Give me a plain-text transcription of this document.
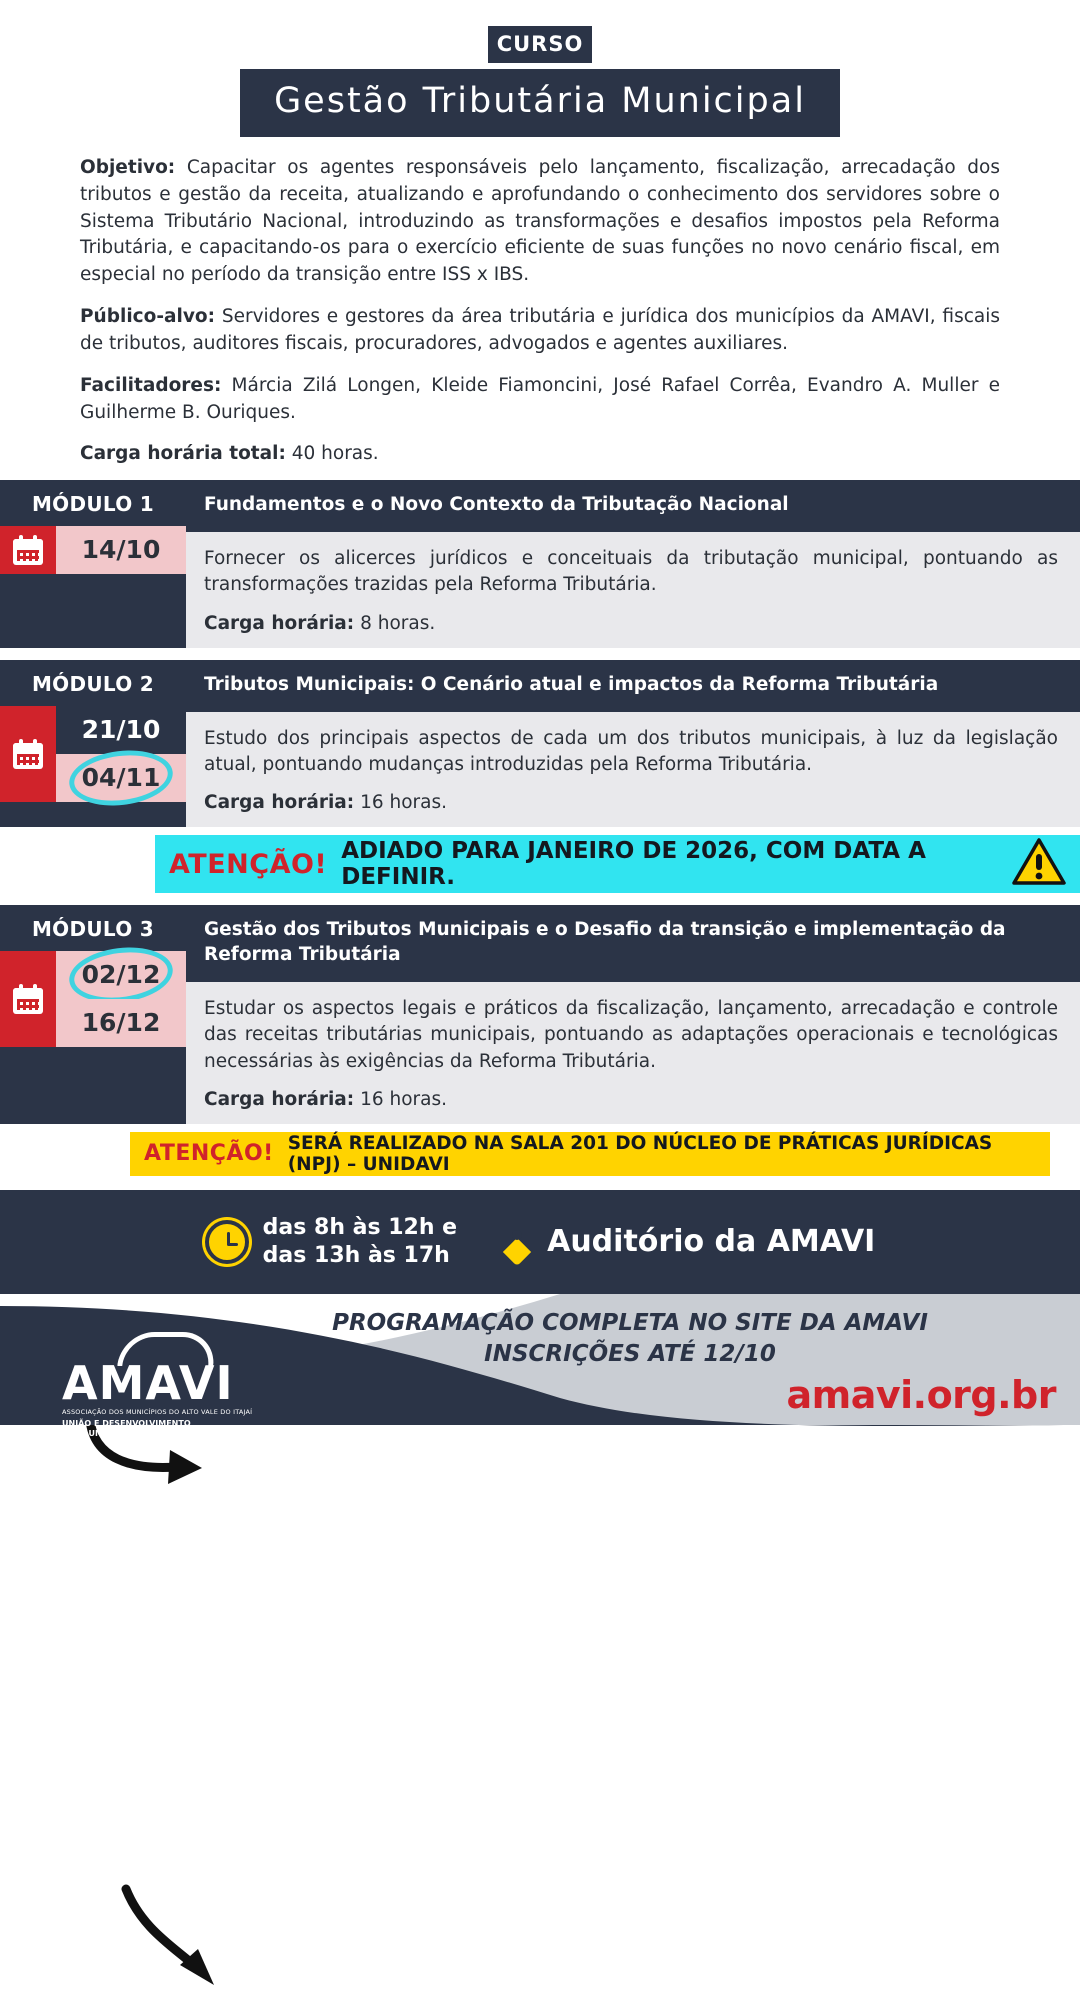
CURSO
Gestão Tributária Municipal

Objetivo: Capacitar os agentes responsáveis pelo lançamento, fiscalização, arrecadação dos tributos e gestão da receita, atualizando e aprofundando o conhecimento dos servidores sobre o Sistema Tributário Nacional, introduzindo as transformações e desafios impostos pela Reforma Tributária, e capacitando-os para o exercício eficiente de suas funções no novo cenário fiscal, em especial no período da transição entre ISS x IBS.

Público-alvo: Servidores e gestores da área tributária e jurídica dos municípios da AMAVI, fiscais de tributos, auditores fiscais, procuradores, advogados e agentes auxiliares.

Facilitadores: Márcia Zilá Longen, Kleide Fiamoncini, José Rafael Corrêa, Evandro A. Muller e Guilherme B. Ouriques.

Carga horária total: 40 horas.

MÓDULO 1
14/10
Fundamentos e o Novo Contexto da Tributação Nacional

Fornecer os alicerces jurídicos e conceituais da tributação municipal, pontuando as transformações trazidas pela Reforma Tributária.

Carga horária: 8 horas.
MÓDULO 2
21/10
04/11
Tributos Municipais: O Cenário atual e impactos da Reforma Tributária

Estudo dos principais aspectos de cada um dos tributos municipais, à luz da legislação atual, pontuando mudanças introduzidas pela Reforma Tributária.

Carga horária: 16 horas.
ATENÇÃO! ADIADO PARA JANEIRO DE 2026, COM DATA A DEFINIR.
MÓDULO 3
02/12
16/12
Gestão dos Tributos Municipais e o Desafio da transição e implementação da Reforma Tributária

Estudar os aspectos legais e práticos da fiscalização, lançamento, arrecadação e controle das receitas tributárias municipais, pontuando as adaptações operacionais e tecnológicas necessárias às exigências da Reforma Tributária.

Carga horária: 16 horas.
ATENÇÃO! SERÁ REALIZADO NA SALA 201 DO NÚCLEO DE PRÁTICAS JURÍDICAS (NPJ) – UNIDAVI
das 8h às 12h e
das 13h às 17h	Auditório da AMAVI
PROGRAMAÇÃO COMPLETA NO SITE DA AMAVI
INSCRIÇÕES ATÉ 12/10
AMAVI
ASSOCIAÇÃO DOS MUNICÍPIOS DO ALTO VALE DO ITAJAÍ
UNIÃO E DESENVOLVIMENTO
PARA UMA REGIÃO MAIS FORTE!
amavi.org.br
